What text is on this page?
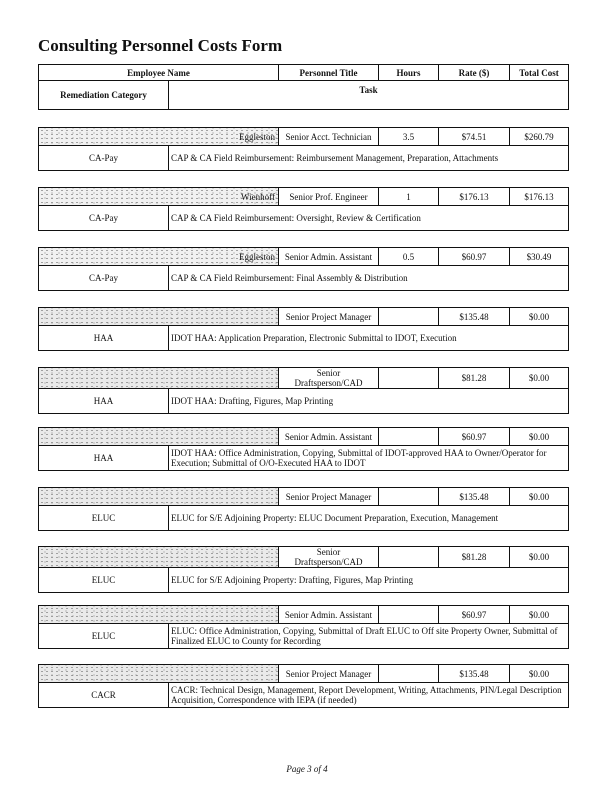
Consulting Personnel Costs Form
Employee Name		Personnel Title	Hours	Rate ($)	Total Cost
Remediation Category	Task				
Eggleston		Senior Acct. Technician	3.5	$74.51	$260.79
CA-Pay	CAP & CA Field Reimbursement: Reimbursement Management, Preparation, Attachments				
Wienhoff		Senior Prof. Engineer	1	$176.13	$176.13
CA-Pay	CAP & CA Field Reimbursement: Oversight, Review & Certification				
Eggleston		Senior Admin. Assistant	0.5	$60.97	$30.49
CA-Pay	CAP & CA Field Reimbursement: Final Assembly & Distribution				
		Senior Project Manager		$135.48	$0.00
HAA	IDOT HAA: Application Preparation, Electronic Submittal to IDOT, Execution				
		Senior Draftsperson/CAD		$81.28	$0.00
HAA	IDOT HAA: Drafting, Figures, Map Printing				
		Senior Admin. Assistant		$60.97	$0.00
HAA	IDOT HAA: Office Administration, Copying, Submittal of IDOT-approved HAA to Owner/Operator for Execution; Submittal of O/O-Executed HAA to IDOT				
		Senior Project Manager		$135.48	$0.00
ELUC	ELUC for S/E Adjoining Property: ELUC Document Preparation, Execution, Management				
		Senior Draftsperson/CAD		$81.28	$0.00
ELUC	ELUC for S/E Adjoining Property: Drafting, Figures, Map Printing				
		Senior Admin. Assistant		$60.97	$0.00
ELUC	ELUC: Office Administration, Copying, Submittal of Draft ELUC to Off site Property Owner, Submittal of Finalized ELUC to County for Recording				
		Senior Project Manager		$135.48	$0.00
CACR	CACR: Technical Design, Management, Report Development, Writing, Attachments, PIN/Legal Description Acquisition, Correspondence with IEPA (if needed)				
Page 3 of 4
